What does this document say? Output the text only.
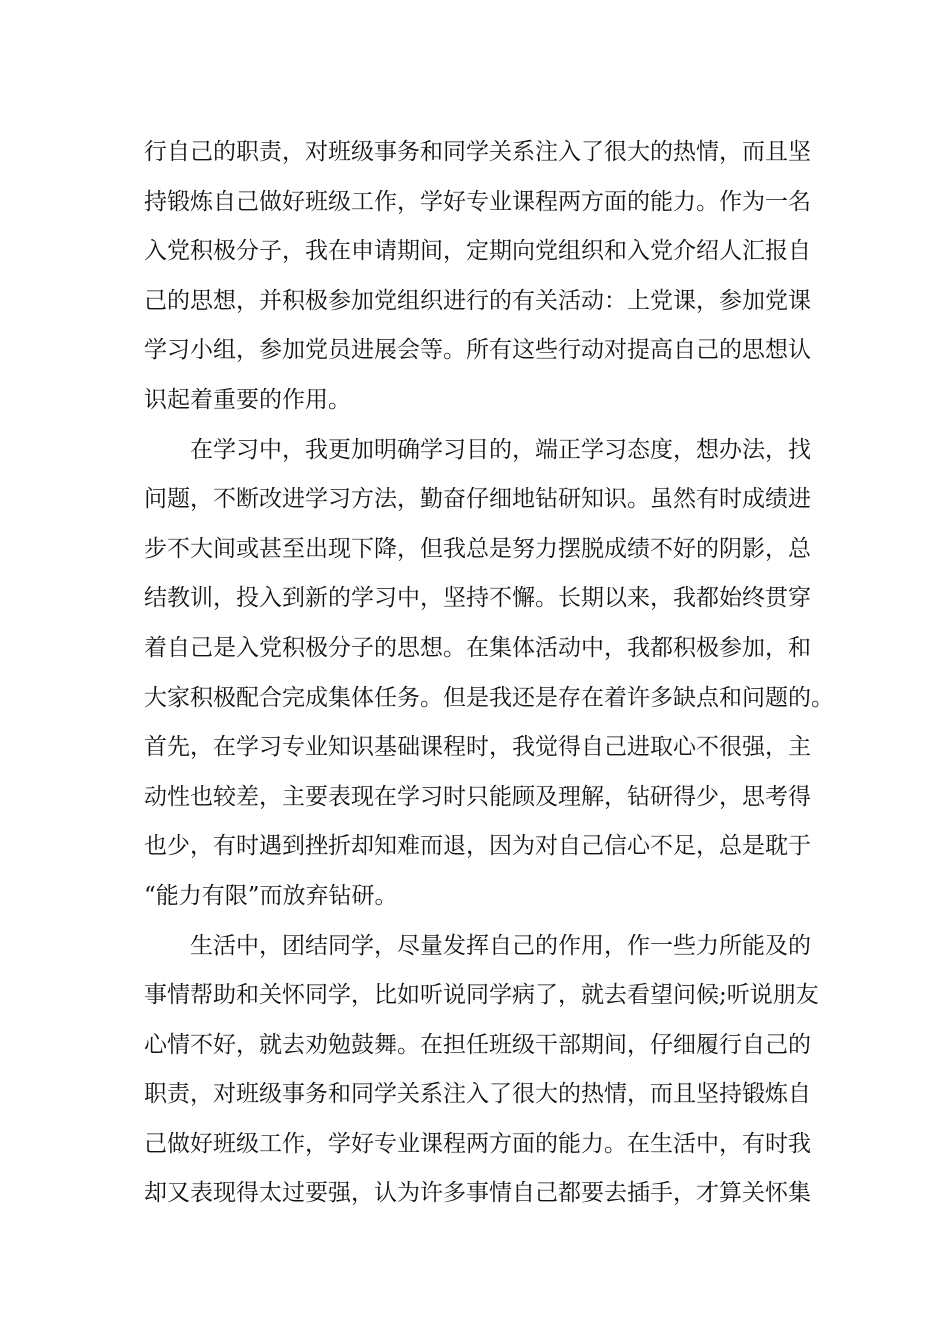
行自己的职责，对班级事务和同学关系注入了很大的热情，而且坚
持锻炼自己做好班级工作，学好专业课程两方面的能力。作为一名
入党积极分子，我在申请期间，定期向党组织和入党介绍人汇报自
己的思想，并积极参加党组织进行的有关活动：上党课，参加党课
学习小组，参加党员进展会等。所有这些行动对提高自己的思想认
识起着重要的作用。
在学习中，我更加明确学习目的，端正学习态度，想办法，找
问题，不断改进学习方法，勤奋仔细地钻研知识。虽然有时成绩进
步不大间或甚至出现下降，但我总是努力摆脱成绩不好的阴影，总
结教训，投入到新的学习中，坚持不懈。长期以来，我都始终贯穿
着自己是入党积极分子的思想。在集体活动中，我都积极参加，和
大家积极配合完成集体任务。但是我还是存在着许多缺点和问题的。
首先，在学习专业知识基础课程时，我觉得自己进取心不很强，主
动性也较差，主要表现在学习时只能顾及理解，钻研得少，思考得
也少，有时遇到挫折却知难而退，因为对自己信心不足，总是耽于
“能力有限”而放弃钻研。
生活中，团结同学，尽量发挥自己的作用，作一些力所能及的
事情帮助和关怀同学，比如听说同学病了，就去看望问候;听说朋友
心情不好，就去劝勉鼓舞。在担任班级干部期间，仔细履行自己的
职责，对班级事务和同学关系注入了很大的热情，而且坚持锻炼自
己做好班级工作，学好专业课程两方面的能力。在生活中，有时我
却又表现得太过要强，认为许多事情自己都要去插手，才算关怀集
